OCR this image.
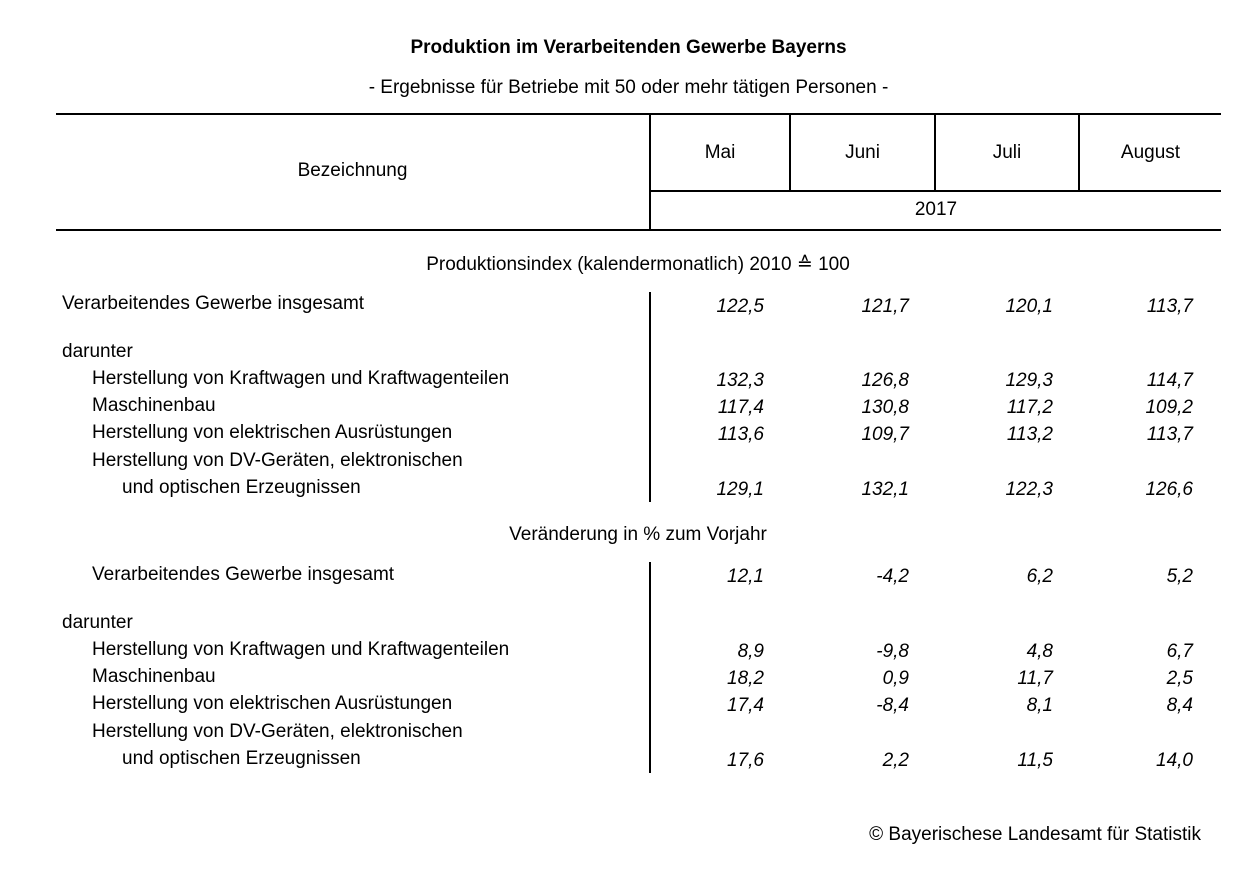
Produktion im Verarbeitenden Gewerbe Bayerns
- Ergebnisse für Betriebe mit 50 oder mehr tätigen Personen -
Bezeichnung
Mai	Juni	Juli	August
2017
Produktionsindex (kalendermonatlich) 2010 ≙ 100
Verarbeitendes Gewerbe insgesamt	122,5	121,7	120,1	113,7
darunter
Herstellung von Kraftwagen und Kraftwagenteilen	132,3	126,8	129,3	114,7
Maschinenbau	117,4	130,8	117,2	109,2
Herstellung von elektrischen Ausrüstungen	113,6	109,7	113,2	113,7
Herstellung von DV-Geräten, elektronischen
und optischen Erzeugnissen	129,1	132,1	122,3	126,6
Veränderung in % zum Vorjahr
Verarbeitendes Gewerbe insgesamt	12,1	-4,2	6,2	5,2
darunter
Herstellung von Kraftwagen und Kraftwagenteilen	8,9	-9,8	4,8	6,7
Maschinenbau	18,2	0,9	11,7	2,5
Herstellung von elektrischen Ausrüstungen	17,4	-8,4	8,1	8,4
Herstellung von DV-Geräten, elektronischen
und optischen Erzeugnissen	17,6	2,2	11,5	14,0
© Bayerischese Landesamt für Statistik
